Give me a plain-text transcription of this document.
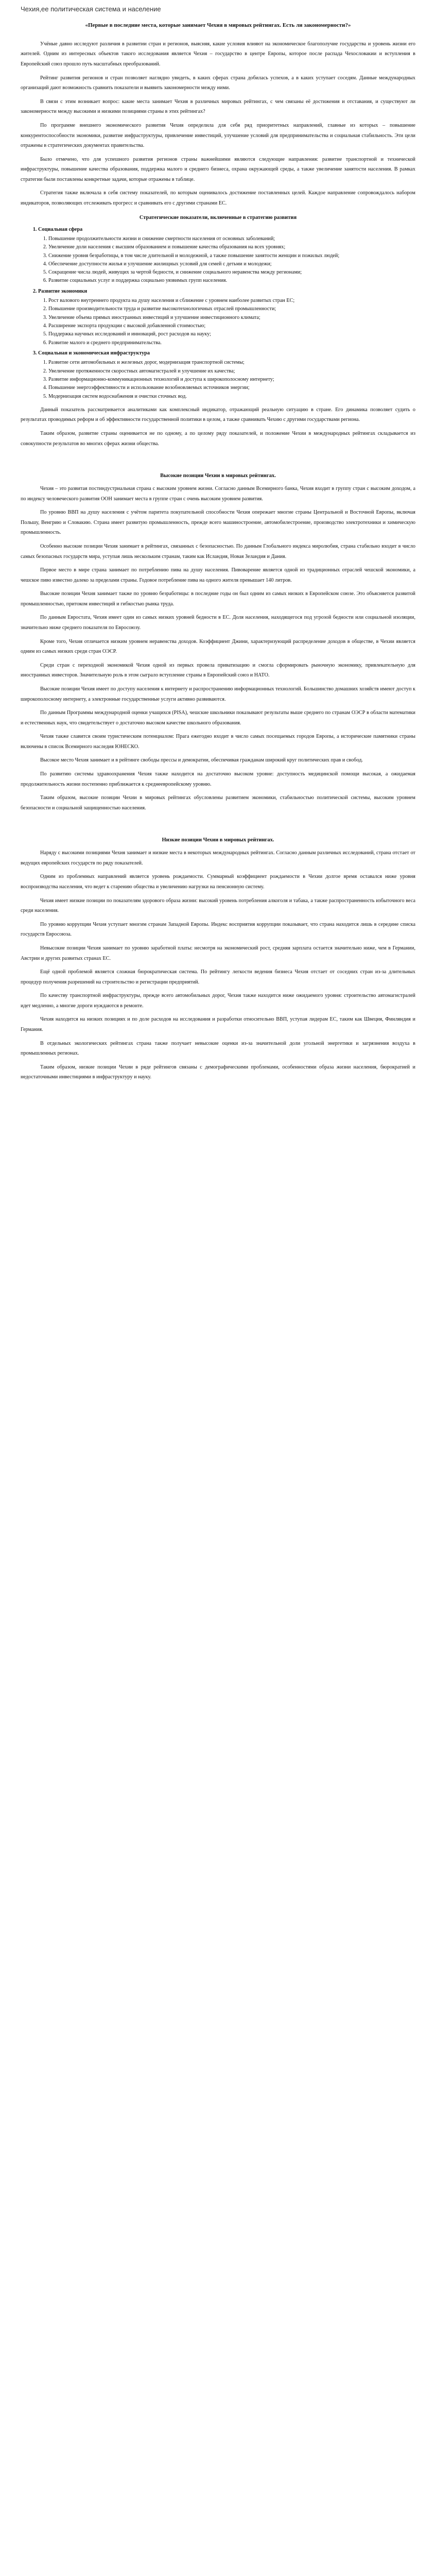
Чехия,ее политическая система и население
«Первые в последние места, которые занимает Чехия в мировых рейтингах. Есть ли закономерности?»

Учёные давно исследуют различия в развитии стран и регионов, выясняя, какие условия влияют на экономическое благополучие государства и уровень жизни его жителей. Одним из интересных объектов такого исследования является Чехия – государство в центре Европы, которое после распада Чехословакии и вступления в Европейский союз прошло путь масштабных преобразований.

Рейтинг развития регионов и стран позволяет наглядно увидеть, в каких сферах страна добилась успехов, а в каких уступает соседям. Данные международных организаций дают возможность сравнить показатели и выявить закономерности между ними.

В связи с этим возникает вопрос: какие места занимает Чехия в различных мировых рейтингах, с чем связаны её достижения и отставания, и существуют ли закономерности между высокими и низкими позициями страны в этих рейтингах?

По программе внешнего экономического развития Чехия определила для себя ряд приоритетных направлений, главные из которых – повышение конкурентоспособности экономики, развитие инфраструктуры, привлечение инвестиций, улучшение условий для предпринимательства и социальная стабильность. Эти цели отражены в стратегических документах правительства.

Было отмечено, что для успешного развития регионов страны важнейшими являются следующие направления: развитие транспортной и технической инфраструктуры, повышение качества образования, поддержка малого и среднего бизнеса, охрана окружающей среды, а также увеличение занятости населения. В рамках стратегии были поставлены конкретные задачи, которые отражены в таблице.

Стратегия также включала в себя систему показателей, по которым оценивалось достижение поставленных целей. Каждое направление сопровождалось набором индикаторов, позволяющих отслеживать прогресс и сравнивать его с другими странами ЕС.

Стратегические показатели, включенные в стратегию развития
1. Социальная сфера
1. Повышение продолжительности жизни и снижение смертности населения от основных заболеваний;
2. Увеличение доли населения с высшим образованием и повышение качества образования на всех уровнях;
3. Снижение уровня безработицы, в том числе длительной и молодежной, а также повышение занятости женщин и пожилых людей;
4. Обеспечение доступности жилья и улучшение жилищных условий для семей с детьми и молодежи;
5. Сокращение числа людей, живущих за чертой бедности, и снижение социального неравенства между регионами;
6. Развитие социальных услуг и поддержка социально уязвимых групп населения.
2. Развитие экономики
1. Рост валового внутреннего продукта на душу населения и сближение с уровнем наиболее развитых стран ЕС;
2. Повышение производительности труда и развитие высокотехнологичных отраслей промышленности;
3. Увеличение объема прямых иностранных инвестиций и улучшение инвестиционного климата;
4. Расширение экспорта продукции с высокой добавленной стоимостью;
5. Поддержка научных исследований и инноваций, рост расходов на науку;
6. Развитие малого и среднего предпринимательства.
3. Социальная и экономическая инфраструктура
1. Развитие сети автомобильных и железных дорог, модернизация транспортной системы;
2. Увеличение протяженности скоростных автомагистралей и улучшение их качества;
3. Развитие информационно-коммуникационных технологий и доступа к широкополосному интернету;
4. Повышение энергоэффективности и использование возобновляемых источников энергии;
5. Модернизация систем водоснабжения и очистки сточных вод.

Данный показатель рассматривается аналитиками как комплексный индикатор, отражающий реальную ситуацию в стране. Его динамика позволяет судить о результатах проводимых реформ и об эффективности государственной политики в целом, а также сравнивать Чехию с другими государствами региона.

Таким образом, развитие страны оценивается не по одному, а по целому ряду показателей, и положение Чехии в международных рейтингах складывается из совокупности результатов во многих сферах жизни общества.

Высокие позиции Чехии в мировых рейтингах.

Чехия – это развитая постиндустриальная страна с высоким уровнем жизни. Согласно данным Всемирного банка, Чехия входит в группу стран с высоким доходом, а по индексу человеческого развития ООН занимает места в группе стран с очень высоким уровнем развития.

По уровню ВВП на душу населения с учётом паритета покупательной способности Чехия опережает многие страны Центральной и Восточной Европы, включая Польшу, Венгрию и Словакию. Страна имеет развитую промышленность, прежде всего машиностроение, автомобилестроение, производство электротехники и химическую промышленность.

Особенно высокие позиции Чехия занимает в рейтингах, связанных с безопасностью. По данным Глобального индекса миролюбия, страна стабильно входит в число самых безопасных государств мира, уступая лишь нескольким странам, таким как Исландия, Новая Зеландия и Дания.

Первое место в мире страна занимает по потреблению пива на душу населения. Пивоварение является одной из традиционных отраслей чешской экономики, а чешское пиво известно далеко за пределами страны. Годовое потребление пива на одного жителя превышает 140 литров.

Высокие позиции Чехия занимает также по уровню безработицы: в последние годы он был одним из самых низких в Европейском союзе. Это объясняется развитой промышленностью, притоком инвестиций и гибкостью рынка труда.

По данным Евростата, Чехия имеет один из самых низких уровней бедности в ЕС. Доля населения, находящегося под угрозой бедности или социальной изоляции, значительно ниже среднего показателя по Евросоюзу.

Кроме того, Чехия отличается низким уровнем неравенства доходов. Коэффициент Джини, характеризующий распределение доходов в обществе, в Чехии является одним из самых низких среди стран ОЭСР.

Среди стран с переходной экономикой Чехия одной из первых провела приватизацию и смогла сформировать рыночную экономику, привлекательную для иностранных инвесторов. Значительную роль в этом сыграло вступление страны в Европейский союз и НАТО.

Высокие позиции Чехия имеет по доступу населения к интернету и распространению информационных технологий. Большинство домашних хозяйств имеют доступ к широкополосному интернету, а электронные государственные услуги активно развиваются.

По данным Программы международной оценки учащихся (PISA), чешские школьники показывают результаты выше среднего по странам ОЭСР в области математики и естественных наук, что свидетельствует о достаточно высоком качестве школьного образования.

Чехия также славится своим туристическим потенциалом: Прага ежегодно входит в число самых посещаемых городов Европы, а исторические памятники страны включены в список Всемирного наследия ЮНЕСКО.

Высокое место Чехия занимает и в рейтинге свободы прессы и демократии, обеспечивая гражданам широкий круг политических прав и свобод.

По развитию системы здравоохранения Чехия также находится на достаточно высоком уровне: доступность медицинской помощи высокая, а ожидаемая продолжительность жизни постепенно приближается к среднеевропейскому уровню.

Таким образом, высокие позиции Чехии в мировых рейтингах обусловлены развитием экономики, стабильностью политической системы, высоким уровнем безопасности и социальной защищенностью населения.

Низкие позиции Чехии в мировых рейтингах.

Наряду с высокими позициями Чехия занимает и низкие места в некоторых международных рейтингах. Согласно данным различных исследований, страна отстает от ведущих европейских государств по ряду показателей.

Одним из проблемных направлений является уровень рождаемости. Суммарный коэффициент рождаемости в Чехии долгое время оставался ниже уровня воспроизводства населения, что ведет к старению общества и увеличению нагрузки на пенсионную систему.

Чехия имеет низкие позиции по показателям здорового образа жизни: высокий уровень потребления алкоголя и табака, а также распространенность избыточного веса среди населения.

По уровню коррупции Чехия уступает многим странам Западной Европы. Индекс восприятия коррупции показывает, что страна находится лишь в середине списка государств Евросоюза.

Невысокие позиции Чехия занимает по уровню заработной платы: несмотря на экономический рост, средняя зарплата остается значительно ниже, чем в Германии, Австрии и других развитых странах ЕС.

Ещё одной проблемой является сложная бюрократическая система. По рейтингу легкости ведения бизнеса Чехия отстает от соседних стран из-за длительных процедур получения разрешений на строительство и регистрации предприятий.

По качеству транспортной инфраструктуры, прежде всего автомобильных дорог, Чехия также находится ниже ожидаемого уровня: строительство автомагистралей идет медленно, а многие дороги нуждаются в ремонте.

Чехия находится на низких позициях и по доле расходов на исследования и разработки относительно ВВП, уступая лидерам ЕС, таким как Швеция, Финляндия и Германия.

В отдельных экологических рейтингах страна также получает невысокие оценки из-за значительной доли угольной энергетики и загрязнения воздуха в промышленных регионах.

Таким образом, низкие позиции Чехии в ряде рейтингов связаны с демографическими проблемами, особенностями образа жизни населения, бюрократией и недостаточными инвестициями в инфраструктуру и науку.
